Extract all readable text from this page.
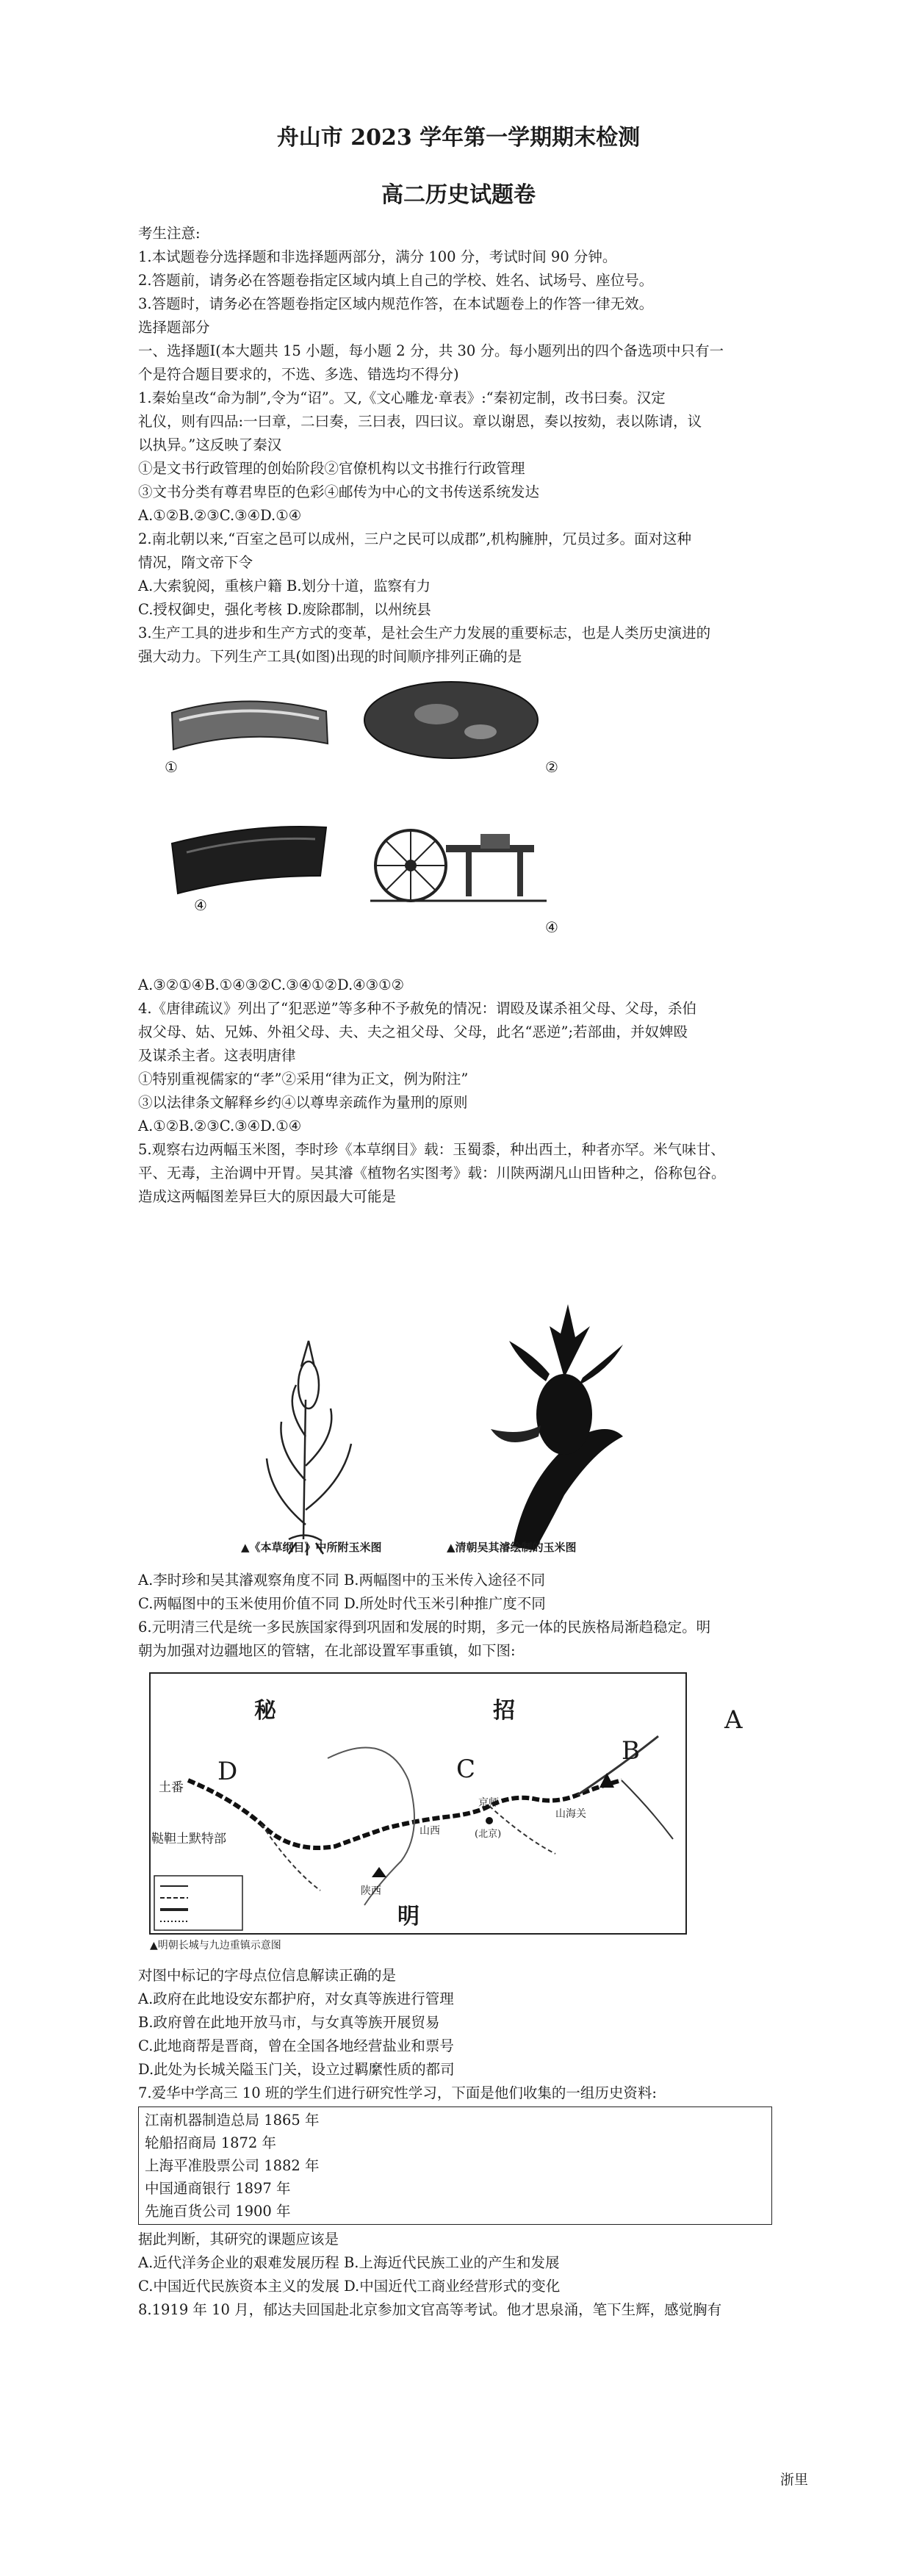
舟山市 2023 学年第一学期期末检测
高二历史试题卷

考生注意:

1.本试题卷分选择题和非选择题两部分，满分 100 分，考试时间 90 分钟。

2.答题前，请务必在答题卷指定区域内填上自己的学校、姓名、试场号、座位号。

3.答题时，请务必在答题卷指定区域内规范作答，在本试题卷上的作答一律无效。

选择题部分

一、选择题Ⅰ(本大题共 15 小题，每小题 2 分，共 30 分。每小题列出的四个备选项中只有一

个是符合题目要求的，不选、多选、错选均不得分)

1.秦始皇改“命为制”,令为“诏”。又,《文心雕龙·章表》:“秦初定制，改书曰奏。汉定

礼仪，则有四品:一曰章，二曰奏，三曰表，四曰议。章以谢恩，奏以按劾，表以陈请，议

以执异。”这反映了秦汉

①是文书行政管理的创始阶段②官僚机构以文书推行行政管理

③文书分类有尊君卑臣的色彩④邮传为中心的文书传送系统发达

A.①②B.②③C.③④D.①④

2.南北朝以来,“百室之邑可以成州，三户之民可以成郡”,机构臃肿，冗员过多。面对这种

情况，隋文帝下令

A.大索貌阅，重核户籍 B.划分十道，监察有力

C.授权御史，强化考核 D.废除郡制，以州统县

3.生产工具的进步和生产方式的变革，是社会生产力发展的重要标志，也是人类历史演进的

强大动力。下列生产工具(如图)出现的时间顺序排列正确的是

①	②
④
④

A.③②①④B.①④③②C.③④①②D.④③①②

4.《唐律疏议》列出了“犯恶逆”等多种不予赦免的情况：谓殴及谋杀祖父母、父母，杀伯

叔父母、姑、兄姊、外祖父母、夫、夫之祖父母、父母，此名“恶逆”;若部曲，并奴婢殴

及谋杀主者。这表明唐律

①特别重视儒家的“孝”②采用“律为正文，例为附注”

③以法律条文解释乡约④以尊卑亲疏作为量刑的原则

A.①②B.②③C.③④D.①④

5.观察右边两幅玉米图，李时珍《本草纲目》载：玉蜀黍，种出西土，种者亦罕。米气味甘、

平、无毒，主治调中开胃。吴其濬《植物名实图考》载：川陕两湖凡山田皆种之，俗称包谷。

造成这两幅图差异巨大的原因最大可能是

▲《本草纲目》中所附玉米图	▲清朝吴其濬绘制的玉米图

A.李时珍和吴其濬观察角度不同 B.两幅图中的玉米传入途径不同

C.两幅图中的玉米使用价值不同 D.所处时代玉米引种推广度不同

6.元明清三代是统一多民族国家得到巩固和发展的时期，多元一体的民族格局渐趋稳定。明

朝为加强对边疆地区的管辖，在北部设置军事重镇，如下图:

秘	招	A
B
C
D
土番
鞑靼土默特部
京师
(北京)
山西
山海关
陕西
明
▲明朝长城与九边重镇示意图

对图中标记的字母点位信息解读正确的是

A.政府在此地设安东都护府，对女真等族进行管理

B.政府曾在此地开放马市，与女真等族开展贸易

C.此地商帮是晋商，曾在全国各地经营盐业和票号

D.此处为长城关隘玉门关，设立过羁縻性质的都司

7.爱华中学高三 10 班的学生们进行研究性学习，下面是他们收集的一组历史资料:

江南机器制造总局 1865 年

轮船招商局 1872 年

上海平准股票公司 1882 年

中国通商银行 1897 年

先施百货公司 1900 年

据此判断，其研究的课题应该是

A.近代洋务企业的艰难发展历程 B.上海近代民族工业的产生和发展

C.中国近代民族资本主义的发展 D.中国近代工商业经营形式的变化

8.1919 年 10 月，郁达夫回国赴北京参加文官高等考试。他才思泉涌，笔下生辉，感觉胸有

浙里
